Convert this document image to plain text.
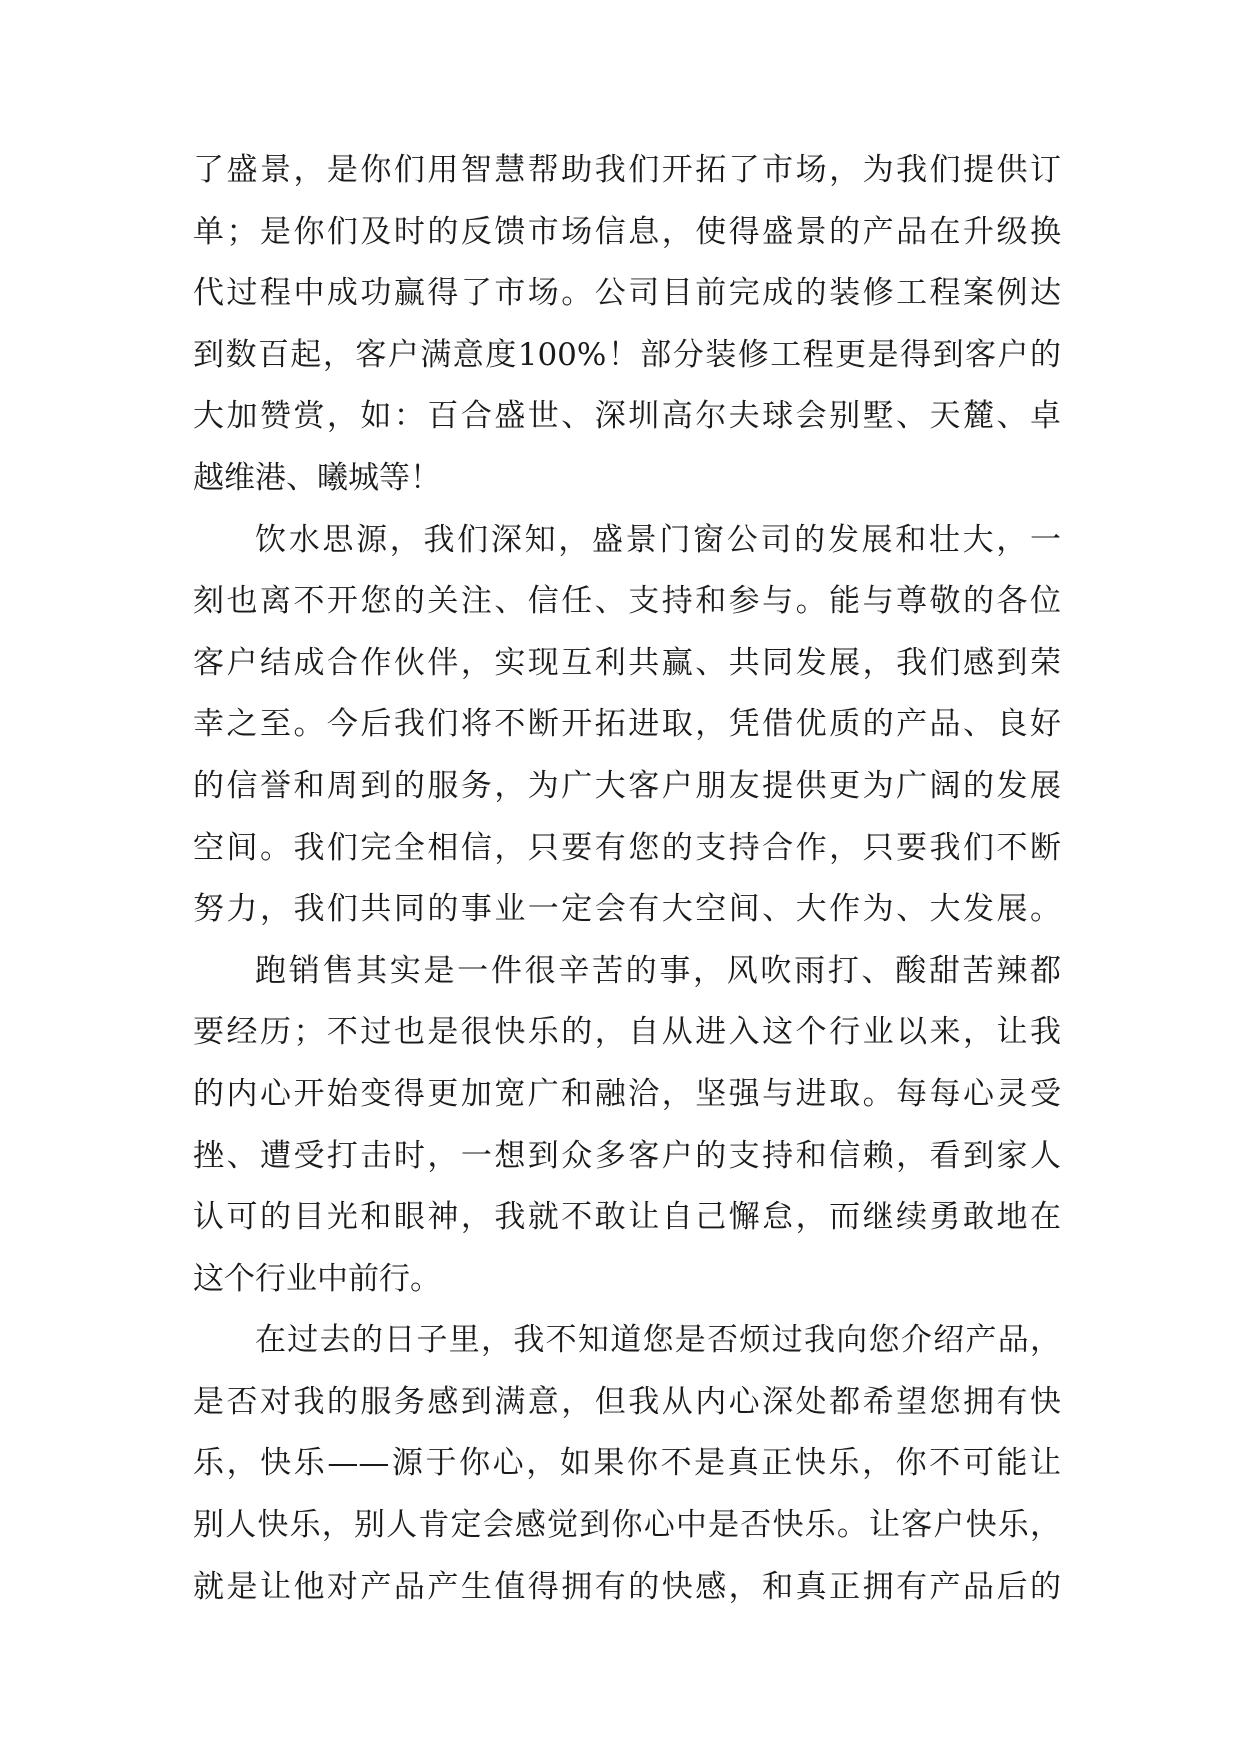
了盛景，是你们用智慧帮助我们开拓了市场，为我们提供订
单；是你们及时的反馈市场信息，使得盛景的产品在升级换
代过程中成功赢得了市场。公司目前完成的装修工程案例达
到数百起，客户满意度100%！部分装修工程更是得到客户的
大加赞赏，如：百合盛世、深圳高尔夫球会别墅、天麓、卓
越维港、曦城等！
饮水思源，我们深知，盛景门窗公司的发展和壮大，一
刻也离不开您的关注、信任、支持和参与。能与尊敬的各位
客户结成合作伙伴，实现互利共赢、共同发展，我们感到荣
幸之至。今后我们将不断开拓进取，凭借优质的产品、良好
的信誉和周到的服务，为广大客户朋友提供更为广阔的发展
空间。我们完全相信，只要有您的支持合作，只要我们不断
努力，我们共同的事业一定会有大空间、大作为、大发展。
跑销售其实是一件很辛苦的事，风吹雨打、酸甜苦辣都
要经历；不过也是很快乐的，自从进入这个行业以来，让我
的内心开始变得更加宽广和融洽，坚强与进取。每每心灵受
挫、遭受打击时，一想到众多客户的支持和信赖，看到家人
认可的目光和眼神，我就不敢让自己懈怠，而继续勇敢地在
这个行业中前行。
在过去的日子里，我不知道您是否烦过我向您介绍产品，
是否对我的服务感到满意，但我从内心深处都希望您拥有快
乐，快乐——源于你心，如果你不是真正快乐，你不可能让
别人快乐，别人肯定会感觉到你心中是否快乐。让客户快乐，
就是让他对产品产生值得拥有的快感，和真正拥有产品后的
